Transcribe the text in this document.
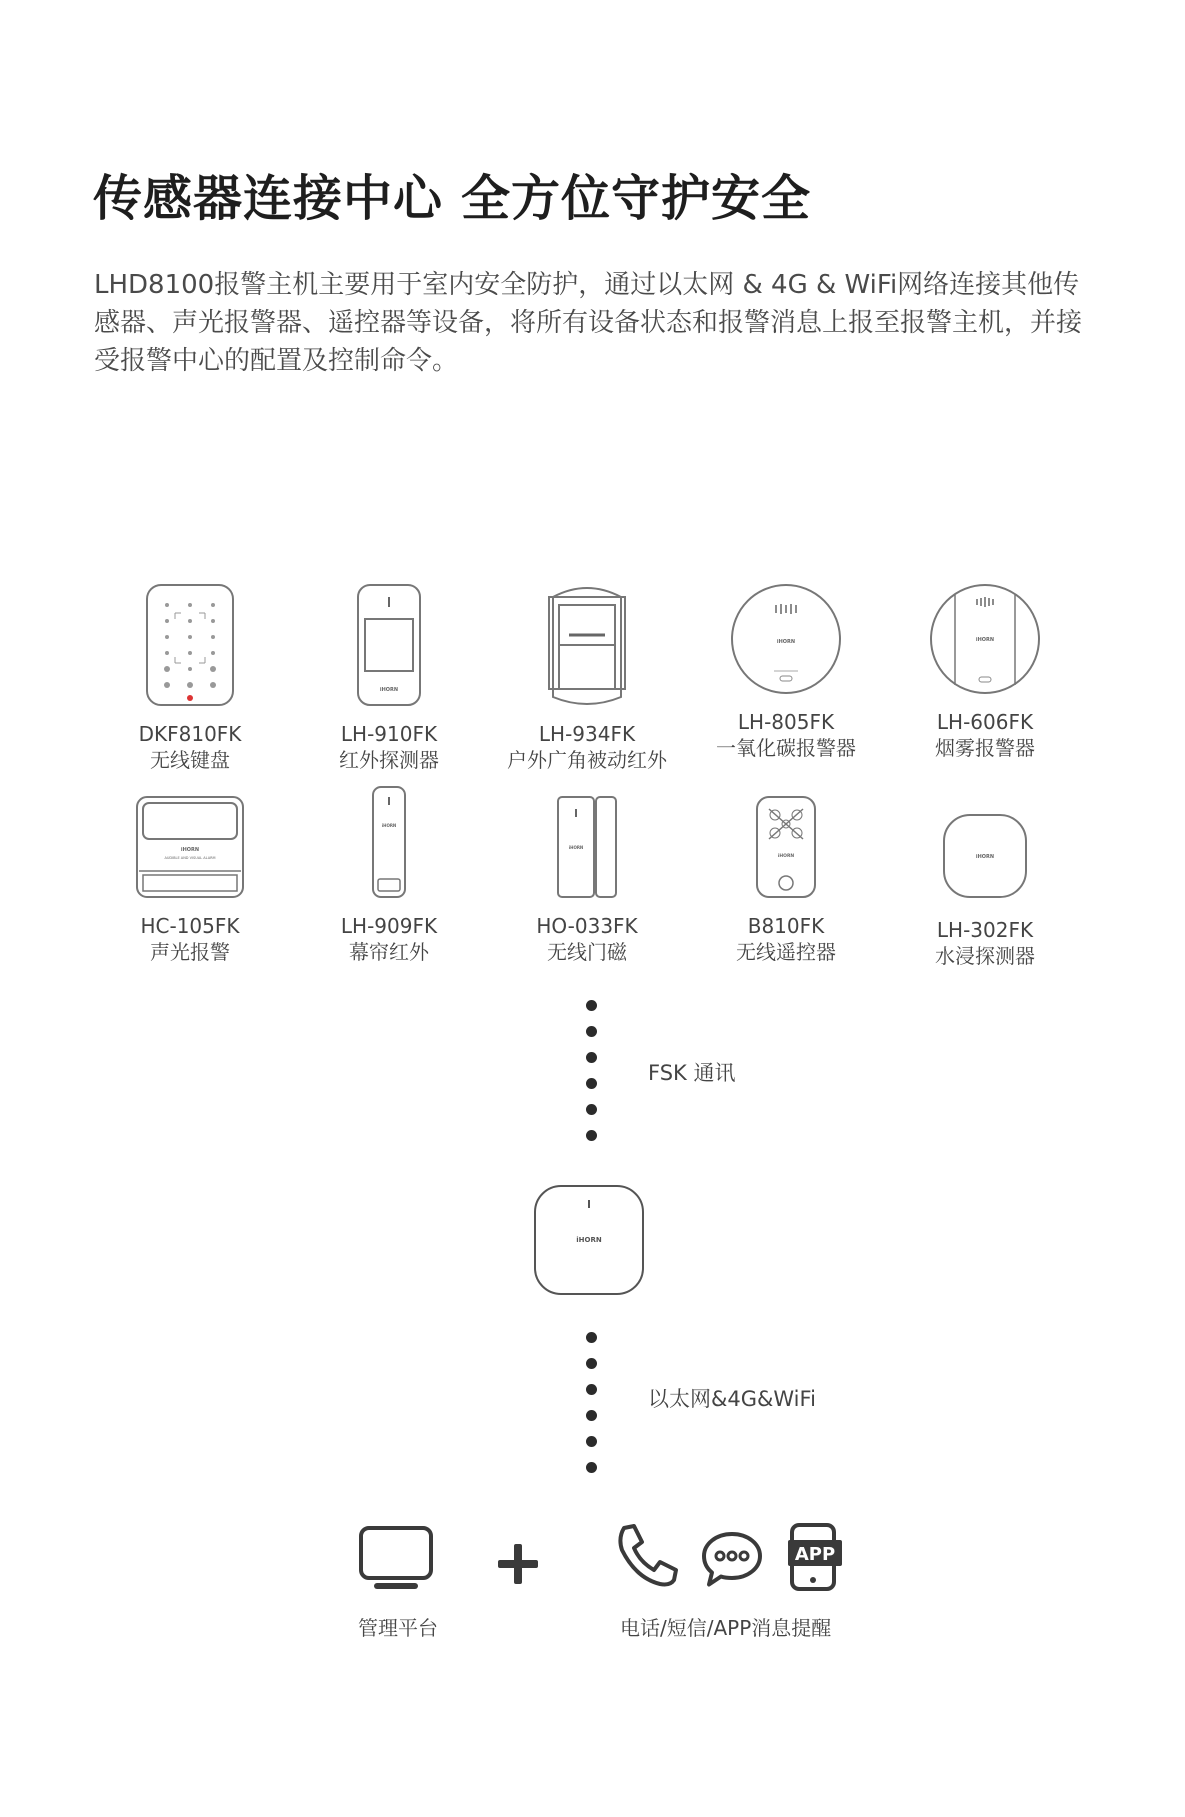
传感器连接中心 全方位守护安全
LHD8100报警主机主要用于室内安全防护，通过以太网 & 4G & WiFi网络连接其他传感器、声光报警器、遥控器等设备，将所有设备状态和报警消息上报至报警主机，并接受报警中心的配置及控制命令。
DKF810FK
无线键盘
iHORN
LH-910FK
红外探测器
LH-934FK
户外广角被动红外
iHORN
LH-805FK
一氧化碳报警器
iHORN
LH-606FK
烟雾报警器
iHORN
AUDIBLE AND VISUAL ALARM
HC-105FK
声光报警
iHORN
LH-909FK
幕帘红外
iHORN
HO-033FK
无线门磁
iHORN
B810FK
无线遥控器
iHORN
LH-302FK
水浸探测器
FSK 通讯
iHORN
以太网&4G&WiFi
管理平台
APP
电话/短信/APP消息提醒
